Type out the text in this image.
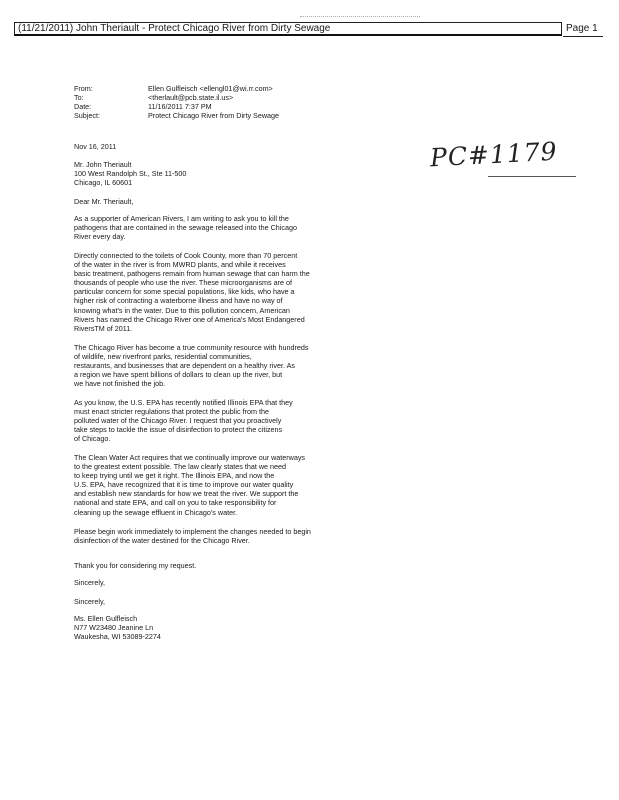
(11/21/2011) John Theriault - Protect Chicago River from Dirty Sewage	Page 1
From:	Ellen Gulfleisch <ellengl01@wi.rr.com>
To:	<therlault@pcb.state.il.us>
Date:	11/16/2011 7:37 PM
Subject:	Protect Chicago River from Dirty Sewage
Nov 16, 2011
Mr. John Theriault
100 West Randolph St., Ste 11-500
Chicago, IL 60601
Dear Mr. Theriault,
As a supporter of American Rivers, I am writing to ask you to kill the
pathogens that are contained in the sewage released into the Chicago
River every day.
Directly connected to the toilets of Cook County, more than 70 percent
of the water in the river is from MWRD plants, and while it receives
basic treatment, pathogens remain from human sewage that can harm the
thousands of people who use the river. These microorganisms are of
particular concern for some special populations, like kids, who have a
higher risk of contracting a waterborne illness and have no way of
knowing what's in the water. Due to this pollution concern, American
Rivers has named the Chicago River one of America's Most Endangered
RiversTM of 2011.
The Chicago River has become a true community resource with hundreds
of wildlife, new riverfront parks, residential communities,
restaurants, and businesses that are dependent on a healthy river. As
a region we have spent billions of dollars to clean up the river, but
we have not finished the job.
As you know, the U.S. EPA has recently notified Illinois EPA that they
must enact stricter regulations that protect the public from the
polluted water of the Chicago River. I request that you proactively
take steps to tackle the issue of disinfection to protect the citizens
of Chicago.
The Clean Water Act requires that we continually improve our waterways
to the greatest extent possible. The law clearly states that we need
to keep trying until we get it right. The Illinois EPA, and now the
U.S. EPA, have recognized that it is time to improve our water quality
and establish new standards for how we treat the river. We support the
national and state EPA, and call on you to take responsibility for
cleaning up the sewage effluent in Chicago's water.
Please begin work immediately to implement the changes needed to begin
disinfection of the water destined for the Chicago River.
Thank you for considering my request.
Sincerely,
Sincerely,
Ms. Ellen Gulfleisch
N77 W23480 Jeanine Ln
Waukesha, WI 53089-2274
PC#1179
